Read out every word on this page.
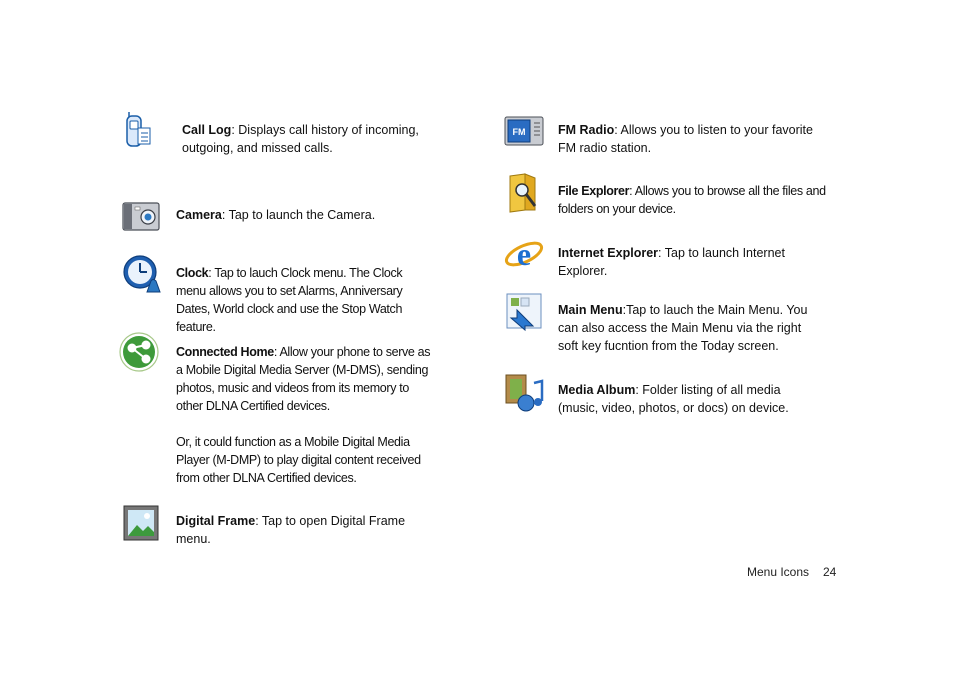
Call Log: Displays call history of incoming, outgoing, and missed calls.
Camera: Tap to launch the Camera.
Clock: Tap to lauch Clock menu. The Clock menu allows you to set Alarms, Anniversary Dates, World clock and use the Stop Watch feature.
Connected Home: Allow your phone to serve as a Mobile Digital Media Server (M-DMS), sending photos, music and videos from its memory to other DLNA Certified devices.
Or, it could function as a Mobile Digital Media Player (M-DMP) to play digital content received from other DLNA Certified devices.
Digital Frame: Tap to open Digital Frame menu.
FM	FM Radio: Allows you to listen to your favorite FM radio station.
File Explorer: Allows you to browse all the files and folders on your device.
e Internet Explorer: Tap to launch Internet Explorer.
Main Menu:Tap to lauch the Main Menu. You can also access the Main Menu via the right soft key fucntion from the Today screen.
Media Album: Folder listing of all media (music, video, photos, or docs) on device.
Menu Icons 24
